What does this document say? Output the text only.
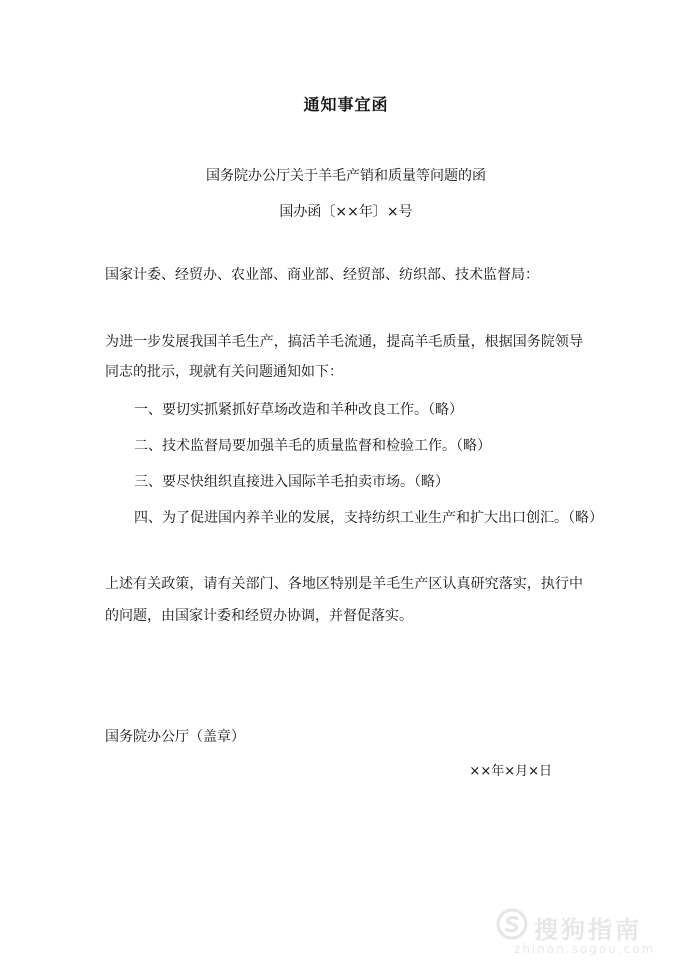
通知事宜函
国务院办公厅关于羊毛产销和质量等问题的函
国办函〔××年〕×号
国家计委、经贸办、农业部、商业部、经贸部、纺织部、技术监督局：
为进一步发展我国羊毛生产，搞活羊毛流通，提高羊毛质量，根据国务院领导同志的批示，现就有关问题通知如下：
一、要切实抓紧抓好草场改造和羊种改良工作。（略）
二、技术监督局要加强羊毛的质量监督和检验工作。（略）
三、要尽快组织直接进入国际羊毛拍卖市场。（略）
四、为了促进国内养羊业的发展，支持纺织工业生产和扩大出口创汇。（略）
上述有关政策，请有关部门、各地区特别是羊毛生产区认真研究落实，执行中的问题，由国家计委和经贸办协调，并督促落实。
国务院办公厅（盖章）
××年×月×日
搜狗指南
zhinan.sogou.com
